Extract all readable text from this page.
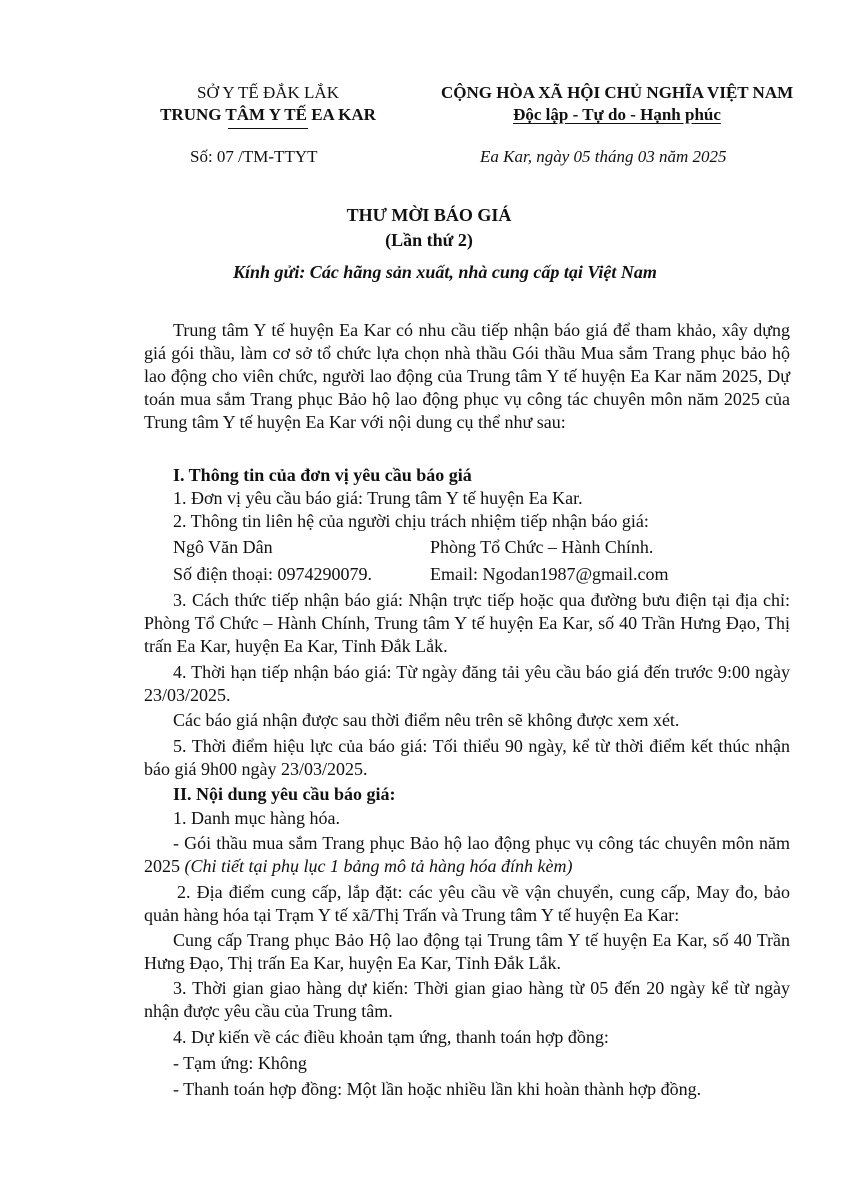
SỞ Y TẾ ĐẮK LẮK
TRUNG TÂM Y TẾ EA KAR
CỘNG HÒA XÃ HỘI CHỦ NGHĨA VIỆT NAM
Độc lập - Tự do - Hạnh phúc
Số: 07 /TM-TTYT	Ea Kar, ngày 05 tháng 03 năm 2025
THƯ MỜI BÁO GIÁ
(Lần thứ 2)
Kính gửi: Các hãng sản xuất, nhà cung cấp tại Việt Nam
Trung tâm Y tế huyện Ea Kar có nhu cầu tiếp nhận báo giá để tham khảo, xây dựng giá gói thầu, làm cơ sở tổ chức lựa chọn nhà thầu Gói thầu Mua sắm Trang phục bảo hộ lao động cho viên chức, người lao động của Trung tâm Y tế huyện Ea Kar năm 2025, Dự toán mua sắm Trang phục Bảo hộ lao động phục vụ công tác chuyên môn năm 2025 của Trung tâm Y tế huyện Ea Kar với nội dung cụ thể như sau:
I. Thông tin của đơn vị yêu cầu báo giá
1. Đơn vị yêu cầu báo giá: Trung tâm Y tế huyện Ea Kar.
2. Thông tin liên hệ của người chịu trách nhiệm tiếp nhận báo giá:
Ngô Văn Dân	Phòng Tổ Chức – Hành Chính.
Số điện thoại: 0974290079.	Email: Ngodan1987@gmail.com
3. Cách thức tiếp nhận báo giá: Nhận trực tiếp hoặc qua đường bưu điện tại địa chỉ: Phòng Tổ Chức – Hành Chính, Trung tâm Y tế huyện Ea Kar, số 40 Trần Hưng Đạo, Thị trấn Ea Kar, huyện Ea Kar, Tỉnh Đắk Lắk.
4. Thời hạn tiếp nhận báo giá: Từ ngày đăng tải yêu cầu báo giá đến trước 9:00 ngày 23/03/2025.
Các báo giá nhận được sau thời điểm nêu trên sẽ không được xem xét.
5. Thời điểm hiệu lực của báo giá: Tối thiểu 90 ngày, kể từ thời điểm kết thúc nhận báo giá 9h00 ngày 23/03/2025.
II. Nội dung yêu cầu báo giá:
1. Danh mục hàng hóa.
- Gói thầu mua sắm Trang phục Bảo hộ lao động phục vụ công tác chuyên môn năm 2025 (Chi tiết tại phụ lục 1 bảng mô tả hàng hóa đính kèm)
2. Địa điểm cung cấp, lắp đặt: các yêu cầu về vận chuyển, cung cấp, May đo, bảo quản hàng hóa tại Trạm Y tế xã/Thị Trấn và Trung tâm Y tế huyện Ea Kar:
Cung cấp Trang phục Bảo Hộ lao động tại Trung tâm Y tế huyện Ea Kar, số 40 Trần Hưng Đạo, Thị trấn Ea Kar, huyện Ea Kar, Tỉnh Đắk Lắk.
3. Thời gian giao hàng dự kiến: Thời gian giao hàng từ 05 đến 20 ngày kể từ ngày nhận được yêu cầu của Trung tâm.
4. Dự kiến về các điều khoản tạm ứng, thanh toán hợp đồng:
- Tạm ứng: Không
- Thanh toán hợp đồng: Một lần hoặc nhiều lần khi hoàn thành hợp đồng.
